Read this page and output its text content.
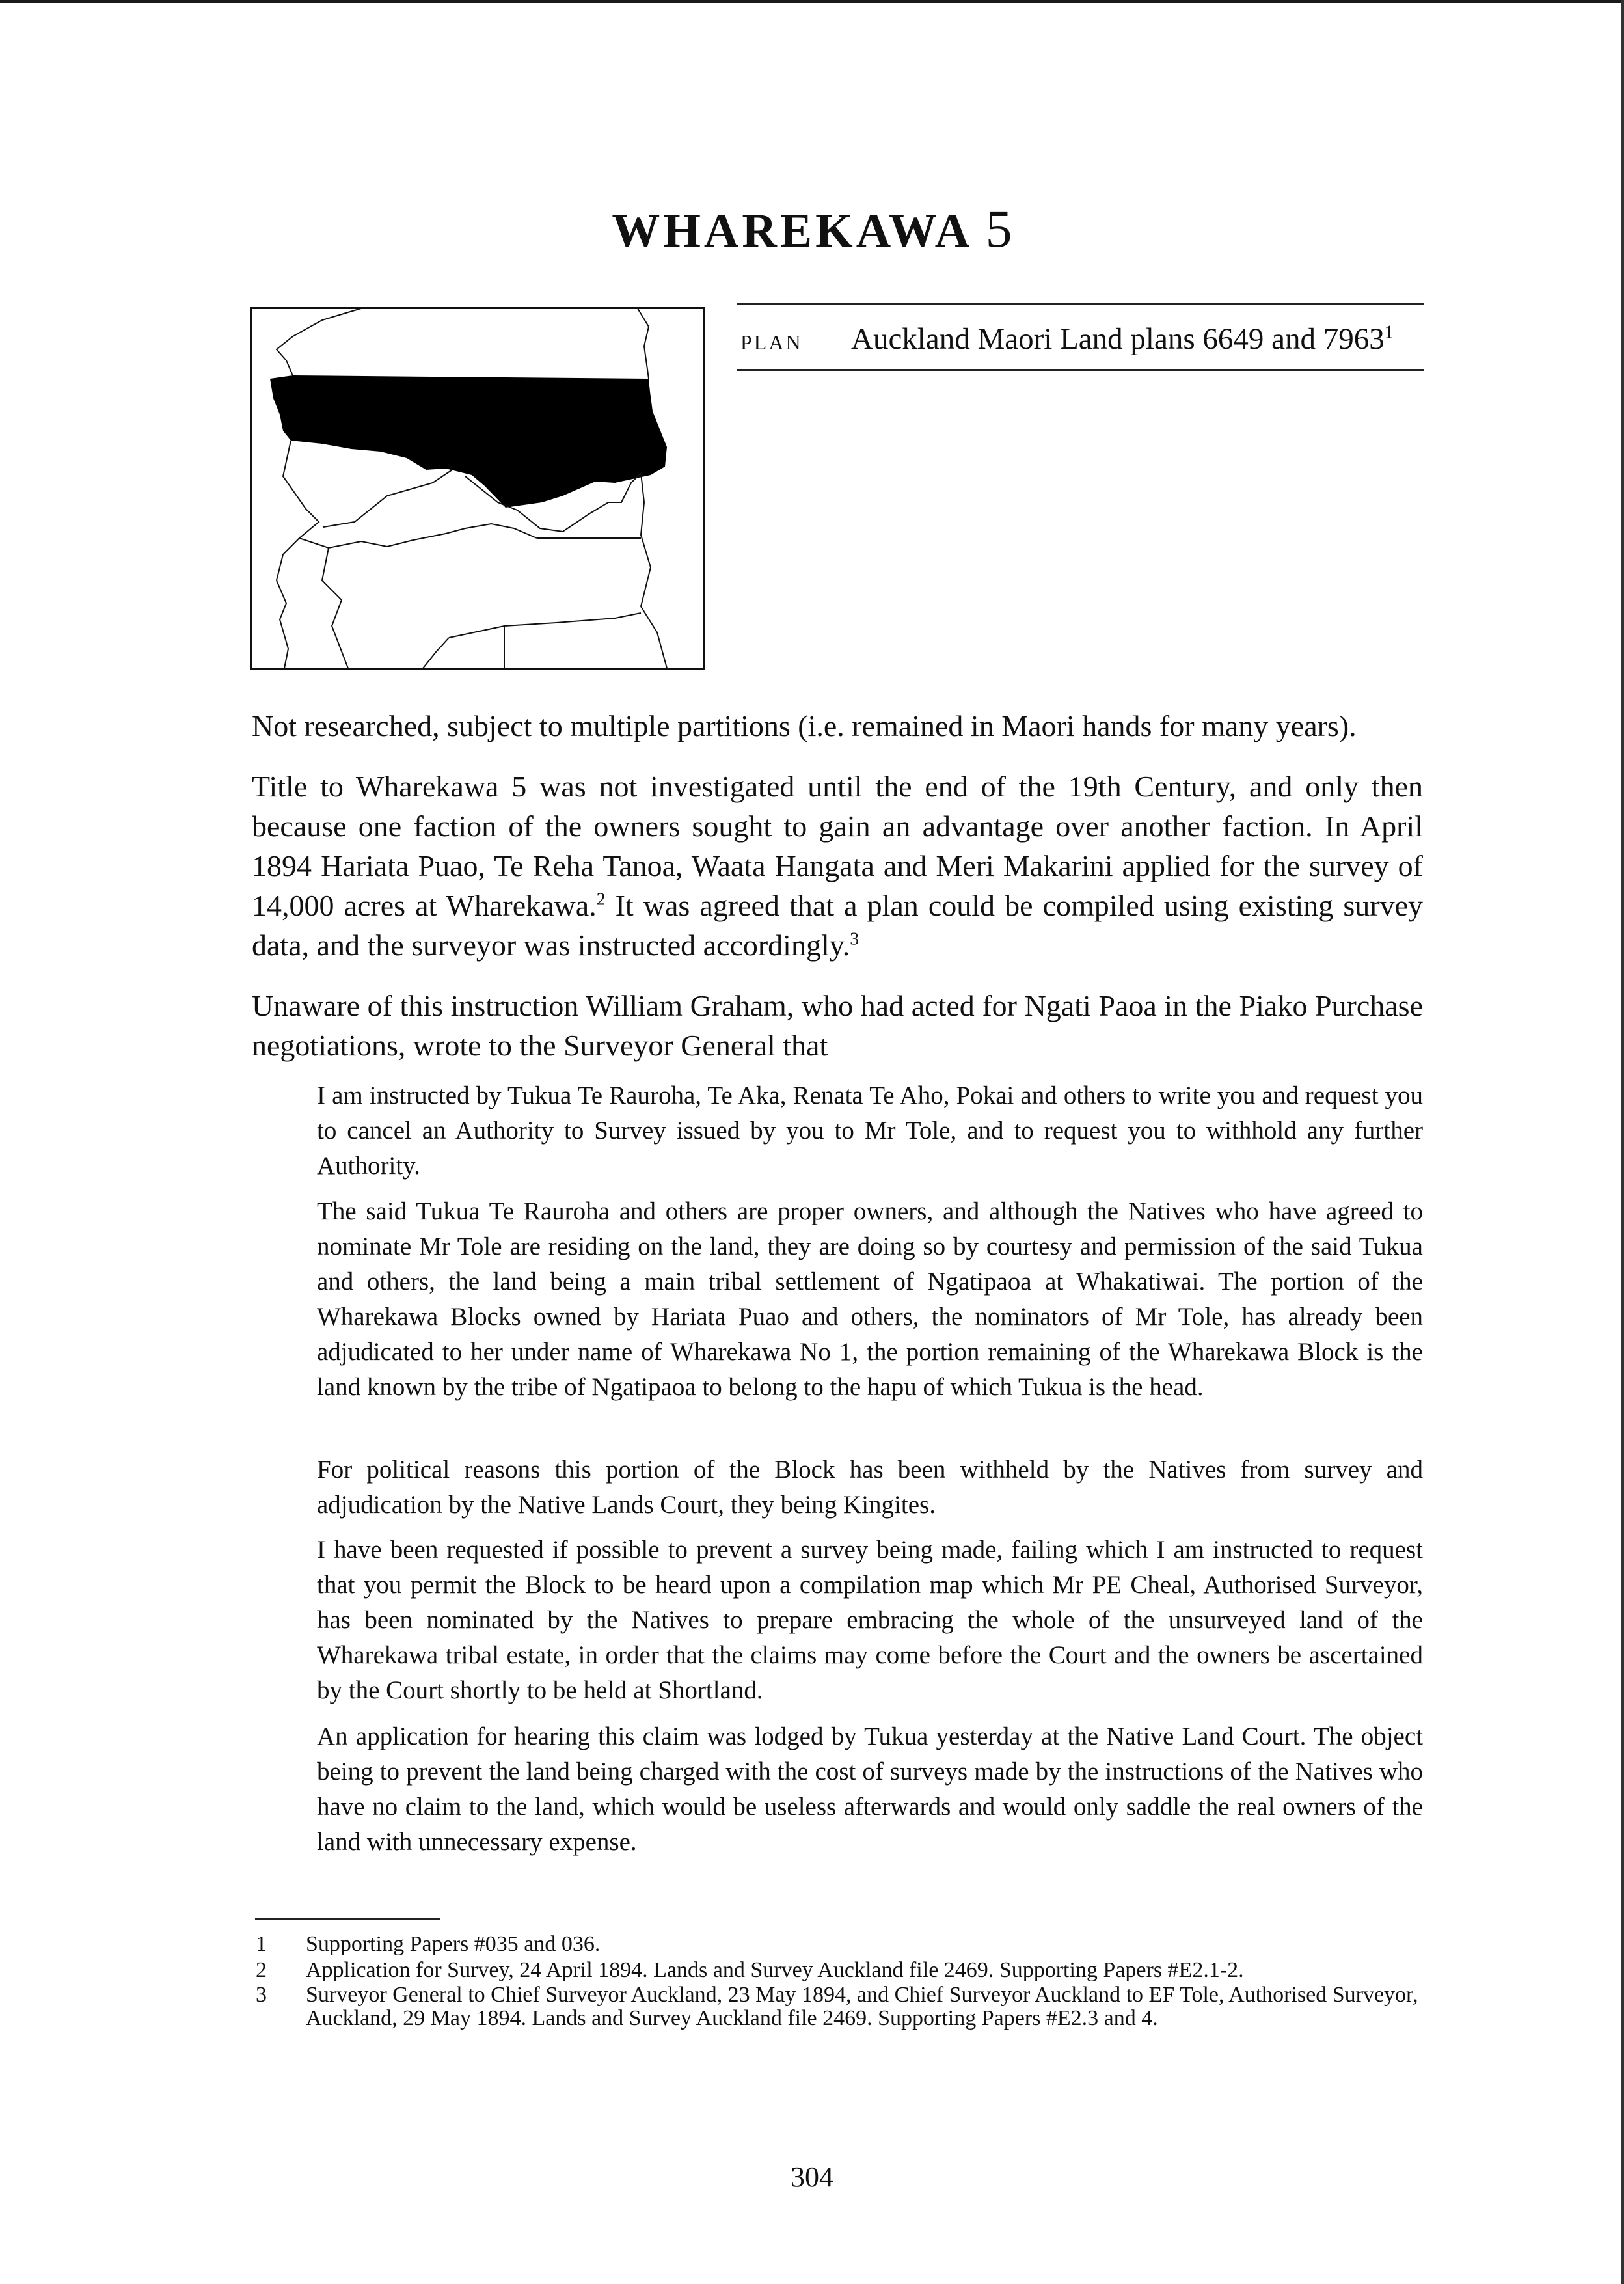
WHAREKAWA 5
PLAN Auckland Maori Land plans 6649 and 7963$^1$

Not researched, subject to multiple partitions (i.e. remained in Maori hands for many years).

Title to Wharekawa 5 was not investigated until the end of the 19th Century, and only then because one faction of the owners sought to gain an advantage over another faction. In April 1894 Hariata Puao, Te Reha Tanoa, Waata Hangata and Meri Makarini applied for the survey of 14,000 acres at Wharekawa.$^2$ It was agreed that a plan could be compiled using existing survey data, and the surveyor was instructed accordingly.$^3$

Unaware of this instruction William Graham, who had acted for Ngati Paoa in the Piako Purchase negotiations, wrote to the Surveyor General that

I am instructed by Tukua Te Rauroha, Te Aka, Renata Te Aho, Pokai and others to write you and request you to cancel an Authority to Survey issued by you to Mr Tole, and to request you to withhold any further Authority.

The said Tukua Te Rauroha and others are proper owners, and although the Natives who have agreed to nominate Mr Tole are residing on the land, they are doing so by courtesy and permission of the said Tukua and others, the land being a main tribal settlement of Ngatipaoa at Whakatiwai. The portion of the Wharekawa Blocks owned by Hariata Puao and others, the nominators of Mr Tole, has already been adjudicated to her under name of Wharekawa No 1, the portion remaining of the Wharekawa Block is the land known by the tribe of Ngatipaoa to belong to the hapu of which Tukua is the head.

For political reasons this portion of the Block has been withheld by the Natives from survey and adjudication by the Native Lands Court, they being Kingites.

I have been requested if possible to prevent a survey being made, failing which I am instructed to request that you permit the Block to be heard upon a compilation map which Mr PE Cheal, Authorised Surveyor, has been nominated by the Natives to prepare embracing the whole of the unsurveyed land of the Wharekawa tribal estate, in order that the claims may come before the Court and the owners be ascertained by the Court shortly to be held at Shortland.

An application for hearing this claim was lodged by Tukua yesterday at the Native Land Court. The object being to prevent the land being charged with the cost of surveys made by the instructions of the Natives who have no claim to the land, which would be useless afterwards and would only saddle the real owners of the land with unnecessary expense.

1 Supporting Papers #035 and 036.
2 Application for Survey, 24 April 1894. Lands and Survey Auckland file 2469. Supporting Papers #E2.1-2.
3 Surveyor General to Chief Surveyor Auckland, 23 May 1894, and Chief Surveyor Auckland to EF Tole, Authorised Surveyor, Auckland, 29 May 1894. Lands and Survey Auckland file 2469. Supporting Papers #E2.3 and 4.
304
